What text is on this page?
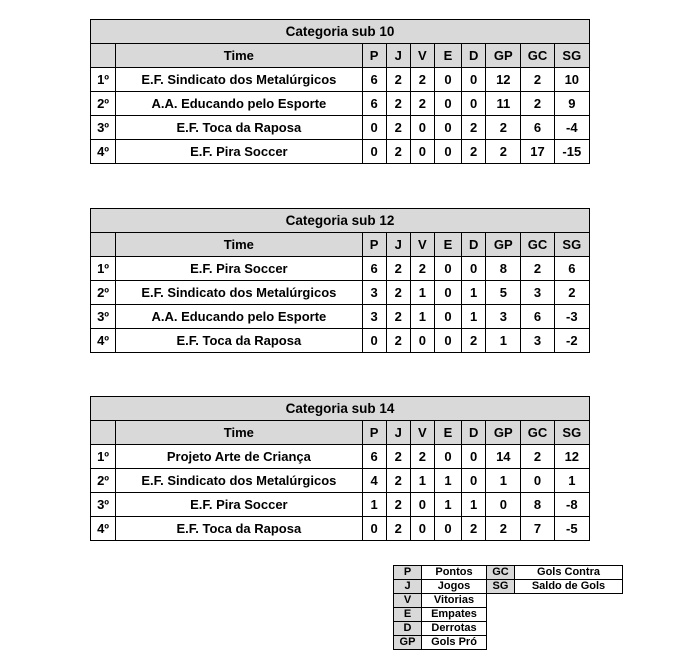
Categoria sub 10									
	Time	P	J	V	E	D	GP	GC	SG
1º	E.F. Sindicato dos Metalúrgicos	6	2	2	0	0	12	2	10
2º	A.A. Educando pelo Esporte	6	2	2	0	0	11	2	9
3º	E.F. Toca da Raposa	0	2	0	0	2	2	6	-4
4º	E.F. Pira Soccer	0	2	0	0	2	2	17	-15
Categoria sub 12									
	Time	P	J	V	E	D	GP	GC	SG
1º	E.F. Pira Soccer	6	2	2	0	0	8	2	6
2º	E.F. Sindicato dos Metalúrgicos	3	2	1	0	1	5	3	2
3º	A.A. Educando pelo Esporte	3	2	1	0	1	3	6	-3
4º	E.F. Toca da Raposa	0	2	0	0	2	1	3	-2
Categoria sub 14									
	Time	P	J	V	E	D	GP	GC	SG
1º	Projeto Arte de Criança	6	2	2	0	0	14	2	12
2º	E.F. Sindicato dos Metalúrgicos	4	2	1	1	0	1	0	1
3º	E.F. Pira Soccer	1	2	0	1	1	0	8	-8
4º	E.F. Toca da Raposa	0	2	0	0	2	2	7	-5
P	Pontos
J	Jogos
V	Vitorias
E	Empates
D	Derrotas
GP	Gols Pró
GC	Gols Contra
SG	Saldo de Gols
